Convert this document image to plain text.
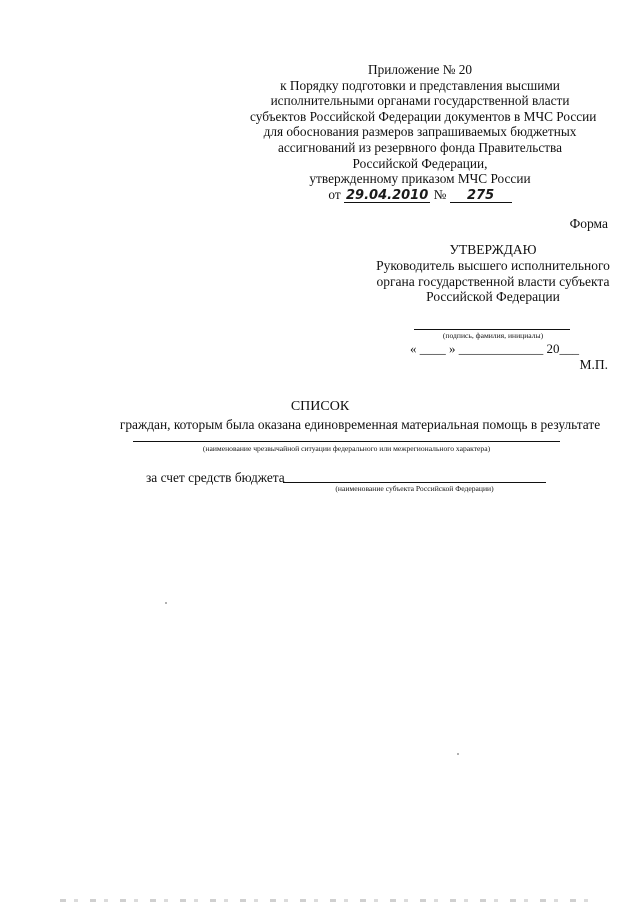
Приложение № 20
к Порядку подготовки и представления высшими
исполнительными органами государственной власти
субъектов Российской Федерации документов в МЧС России
для обоснования размеров запрашиваемых бюджетных
ассигнований из резервного фонда Правительства
Российской Федерации,
утвержденному приказом МЧС России
от 29.04.2010 № 275
Форма
УТВЕРЖДАЮ
Руководитель высшего исполнительного
органа государственной власти субъекта
Российской Федерации
(подпись, фамилия, инициалы)
« ____ » _____________ 20___
М.П.
СПИСОК
граждан, которым была оказана единовременная материальная помощь в результате
(наименование чрезвычайной ситуации федерального или межрегионального характера)
за счет средств бюджета
(наименование субъекта Российской Федерации)
